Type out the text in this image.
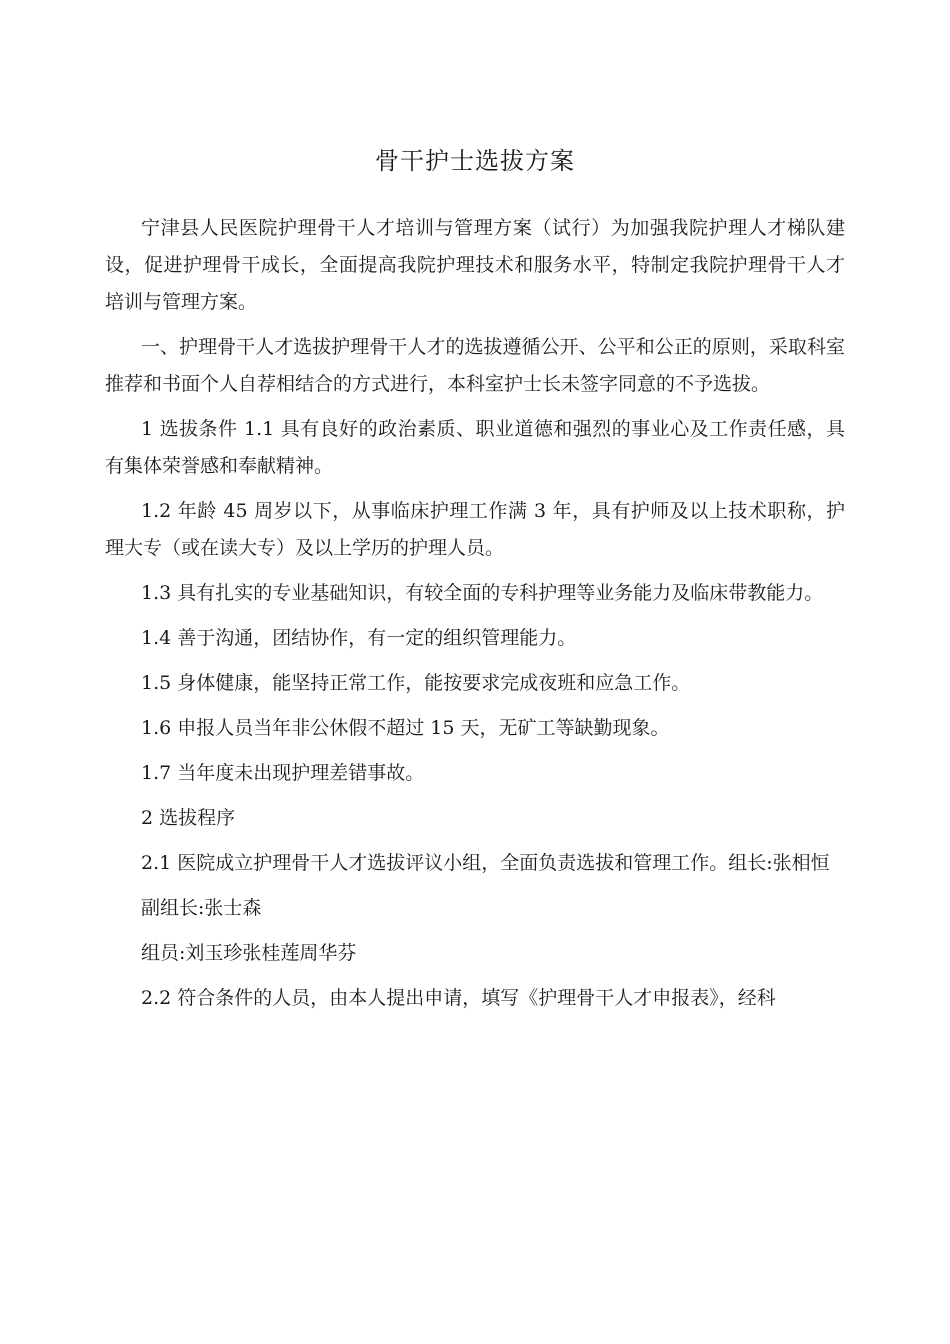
骨干护士选拔方案

宁津县人民医院护理骨干人才培训与管理方案（试行）为加强我院护理人才梯队建设，促进护理骨干成长，全面提高我院护理技术和服务水平，特制定我院护理骨干人才培训与管理方案。

一、护理骨干人才选拔护理骨干人才的选拔遵循公开、公平和公正的原则，采取科室推荐和书面个人自荐相结合的方式进行，本科室护士长未签字同意的不予选拔。

1 选拔条件 1.1 具有良好的政治素质、职业道德和强烈的事业心及工作责任感，具有集体荣誉感和奉献精神。

1.2 年龄 45 周岁以下，从事临床护理工作满 3 年，具有护师及以上技术职称，护理大专（或在读大专）及以上学历的护理人员。

1.3 具有扎实的专业基础知识，有较全面的专科护理等业务能力及临床带教能力。

1.4 善于沟通，团结协作，有一定的组织管理能力。

1.5 身体健康，能坚持正常工作，能按要求完成夜班和应急工作。

1.6 申报人员当年非公休假不超过 15 天，无矿工等缺勤现象。

1.7 当年度未出现护理差错事故。

2 选拔程序

2.1 医院成立护理骨干人才选拔评议小组，全面负责选拔和管理工作。组长:张相恒

副组长:张士森

组员:刘玉珍张桂莲周华芬

2.2 符合条件的人员，由本人提出申请，填写《护理骨干人才申报表》，经科
